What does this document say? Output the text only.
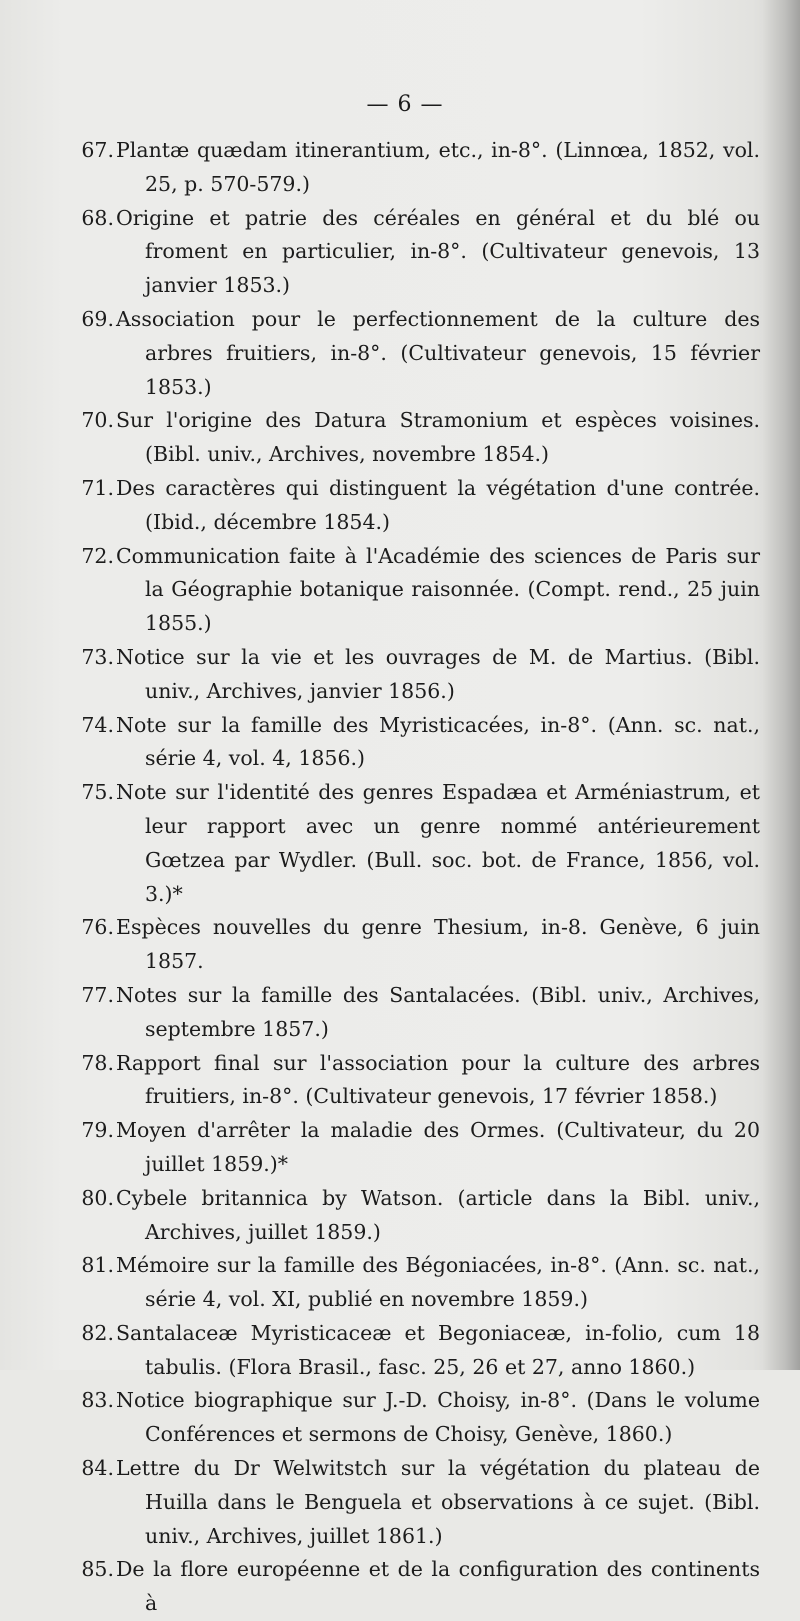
— 6 —

67. Plantæ quædam itinerantium, etc., in-8°. (Linnœa, 1852, vol. 25, p. 570-579.)

68. Origine et patrie des céréales en général et du blé ou froment en particulier, in-8°. (Cultivateur genevois, 13 janvier 1853.)

69. Association pour le perfectionnement de la culture des arbres fruitiers, in-8°. (Cultivateur genevois, 15 février 1853.)

70. Sur l'origine des Datura Stramonium et espèces voisines. (Bibl. univ., Archives, novembre 1854.)

71. Des caractères qui distinguent la végétation d'une contrée. (Ibid., décembre 1854.)

72. Communication faite à l'Académie des sciences de Paris sur la Géographie botanique raisonnée. (Compt. rend., 25 juin 1855.)

73. Notice sur la vie et les ouvrages de M. de Martius. (Bibl. univ., Archives, janvier 1856.)

74. Note sur la famille des Myristicacées, in-8°. (Ann. sc. nat., série 4, vol. 4, 1856.)

75. Note sur l'identité des genres Espadæa et Arméniastrum, et leur rapport avec un genre nommé antérieurement Gœtzea par Wydler. (Bull. soc. bot. de France, 1856, vol. 3.)*

76. Espèces nouvelles du genre Thesium, in-8. Genève, 6 juin 1857.

77. Notes sur la famille des Santalacées. (Bibl. univ., Archives, septembre 1857.)

78. Rapport final sur l'association pour la culture des arbres fruitiers, in-8°. (Cultivateur genevois, 17 février 1858.)

79. Moyen d'arrêter la maladie des Ormes. (Cultivateur, du 20 juillet 1859.)*

80. Cybele britannica by Watson. (article dans la Bibl. univ., Archives, juillet 1859.)

81. Mémoire sur la famille des Bégoniacées, in-8°. (Ann. sc. nat., série 4, vol. XI, publié en novembre 1859.)

82. Santalaceæ Myristicaceæ et Begoniaceæ, in-folio, cum 18 tabulis. (Flora Brasil., fasc. 25, 26 et 27, anno 1860.)

83. Notice biographique sur J.-D. Choisy, in-8°. (Dans le volume Conférences et sermons de Choisy, Genève, 1860.)

84. Lettre du Dr Welwitstch sur la végétation du plateau de Huilla dans le Benguela et observations à ce sujet. (Bibl. univ., Archives, juillet 1861.)

85. De la flore européenne et de la configuration des continents à
